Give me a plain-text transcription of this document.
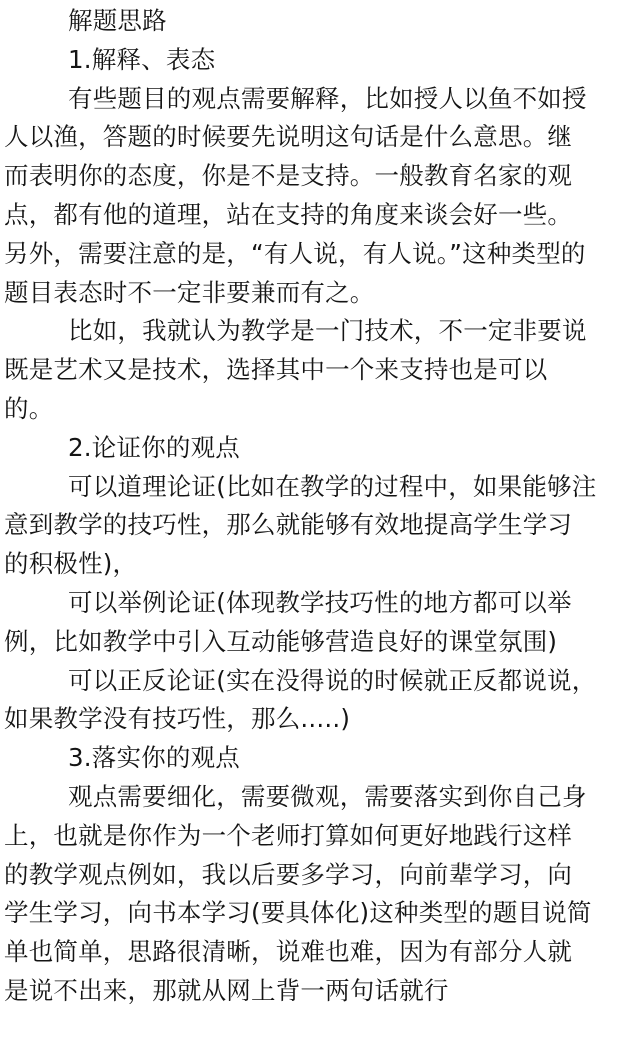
解题思路
1.解释、表态
有些题目的观点需要解释，比如授人以鱼不如授
人以渔，答题的时候要先说明这句话是什么意思。继
而表明你的态度，你是不是支持。一般教育名家的观
点，都有他的道理，站在支持的角度来谈会好一些。
另外，需要注意的是，“有人说，有人说。”这种类型的
题目表态时不一定非要兼而有之。
比如，我就认为教学是一门技术，不一定非要说
既是艺术又是技术，选择其中一个来支持也是可以
的。
2.论证你的观点
可以道理论证(比如在教学的过程中，如果能够注
意到教学的技巧性，那么就能够有效地提高学生学习
的积极性)，
可以举例论证(体现教学技巧性的地方都可以举
例，比如教学中引入互动能够营造良好的课堂氛围)
可以正反论证(实在没得说的时候就正反都说说，
如果教学没有技巧性，那么.....)
3.落实你的观点
观点需要细化，需要微观，需要落实到你自己身
上，也就是你作为一个老师打算如何更好地践行这样
的教学观点例如，我以后要多学习，向前辈学习，向
学生学习，向书本学习(要具体化)这种类型的题目说简
单也简单，思路很清晰，说难也难，因为有部分人就
是说不出来，那就从网上背一两句话就行
